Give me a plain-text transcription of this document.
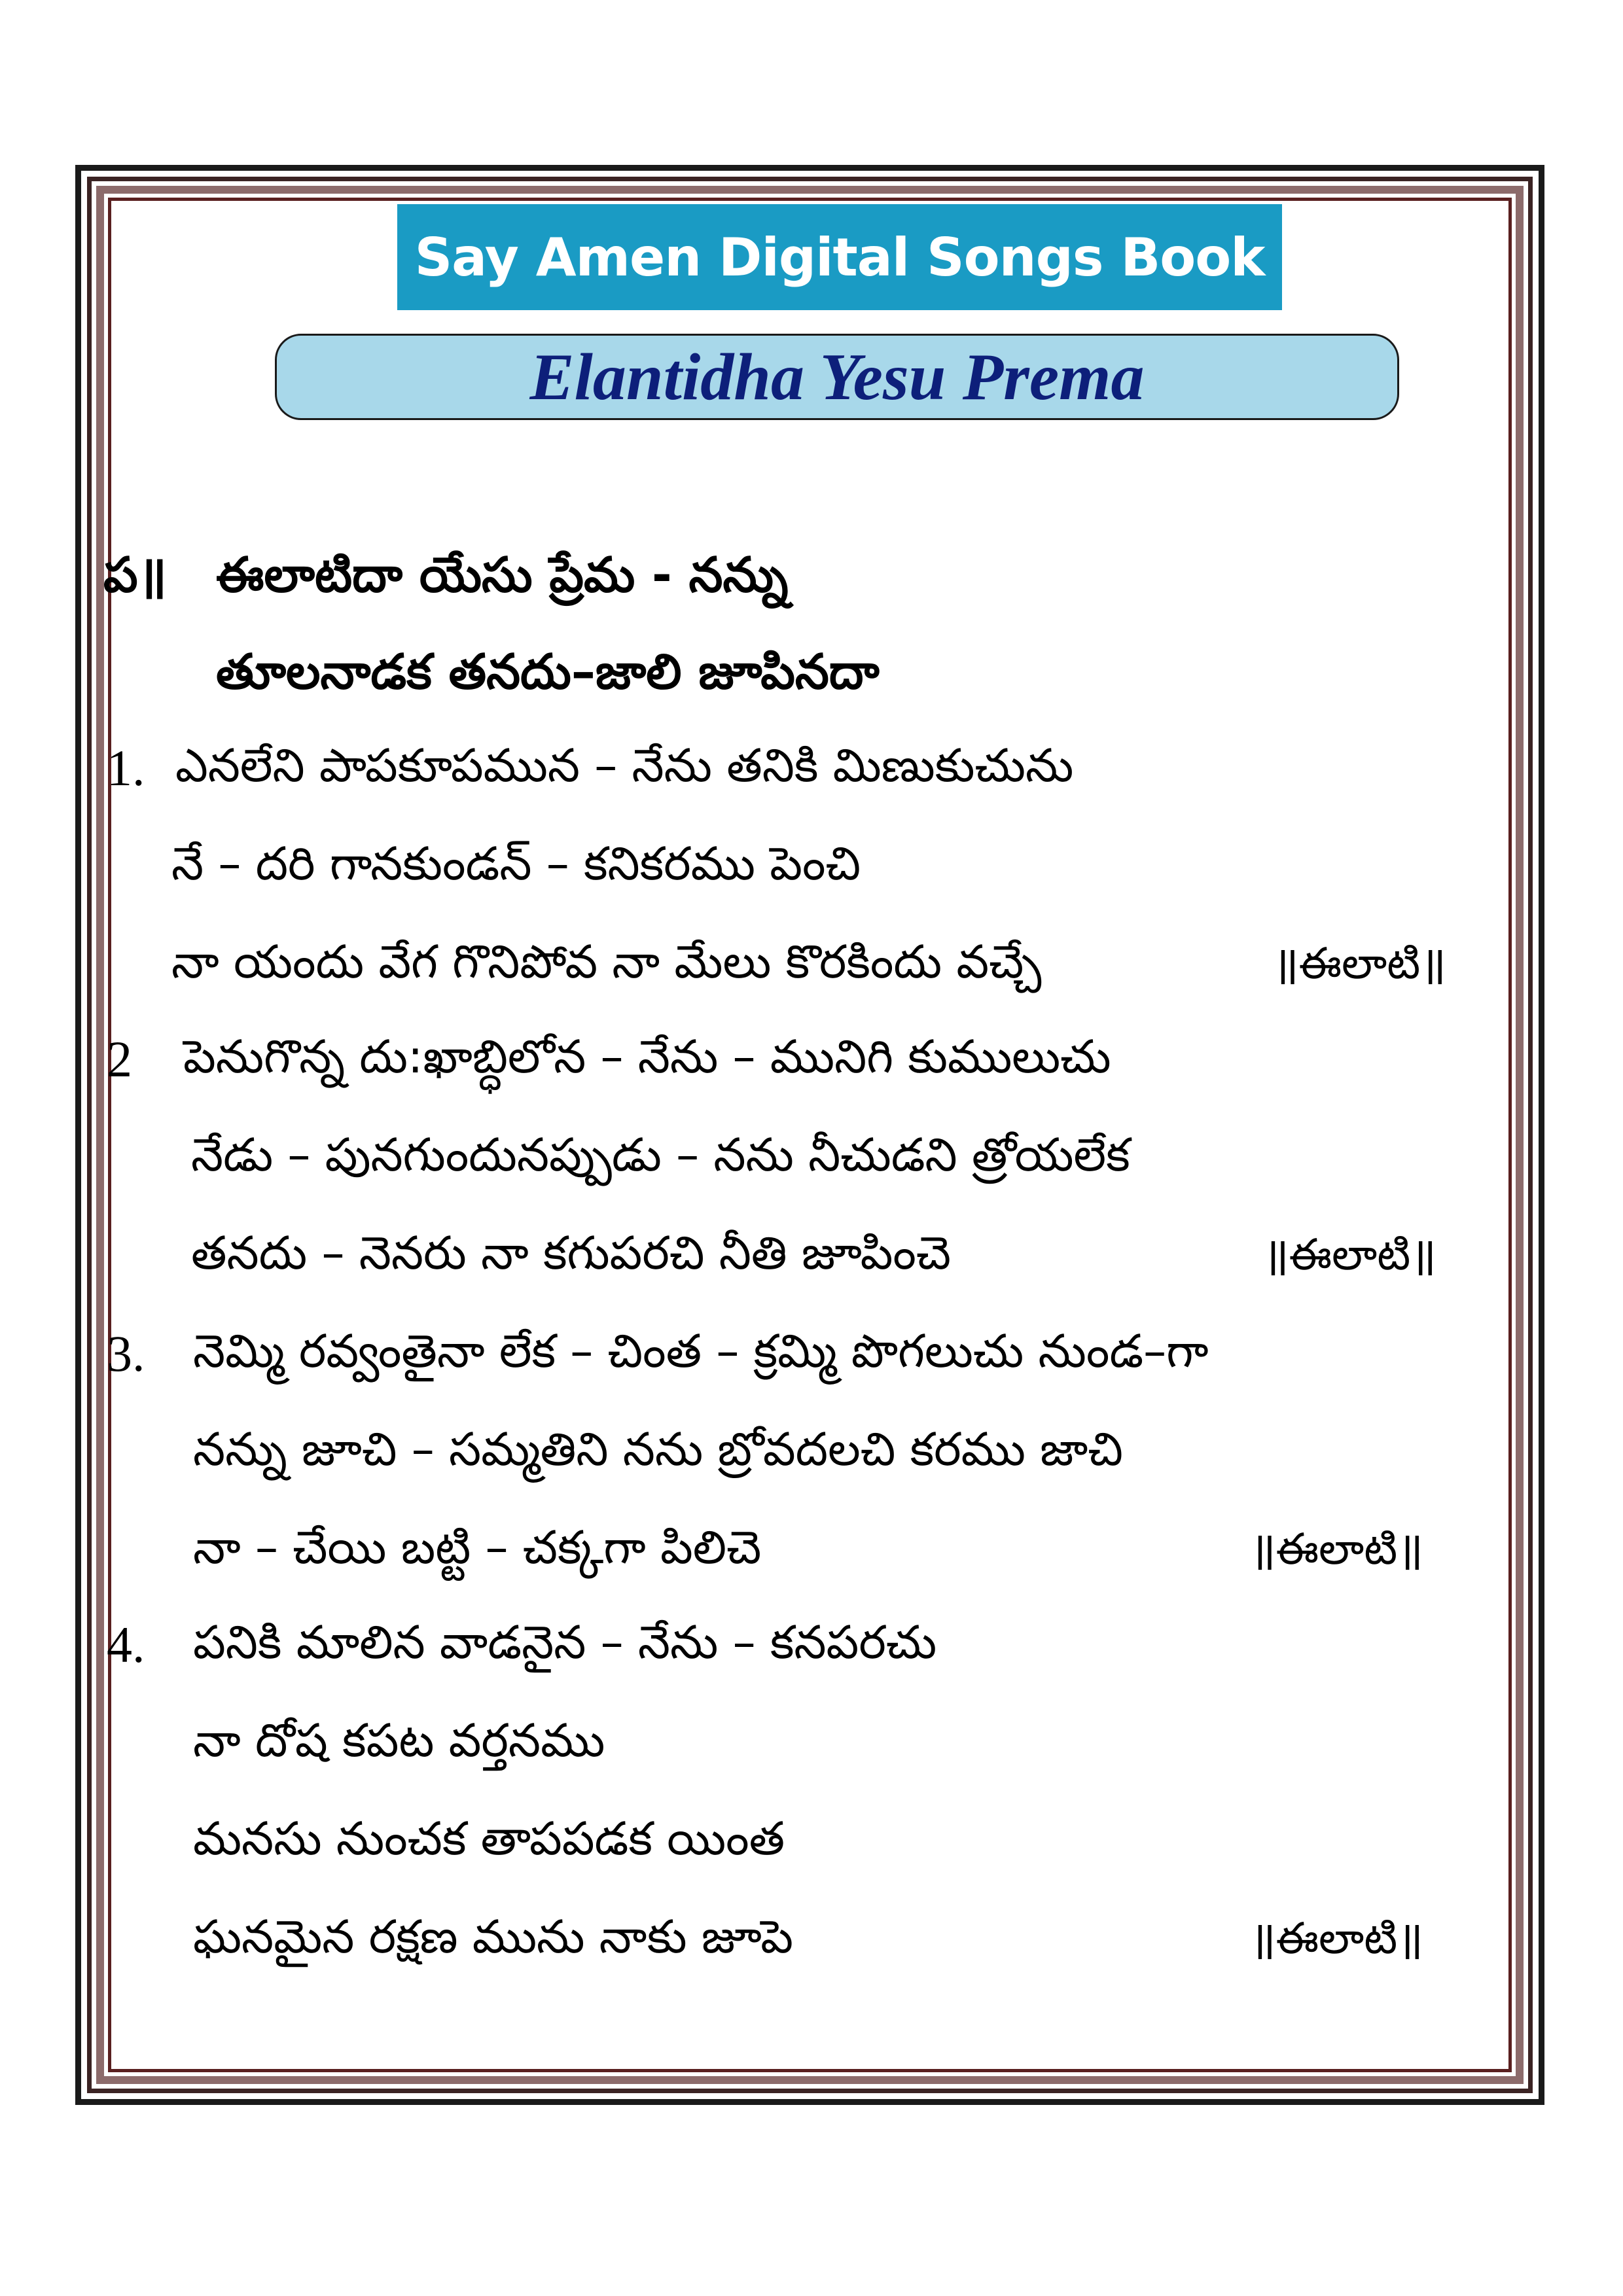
Say Amen Digital Songs Book
Elantidha Yesu Prema
ప॥ ఈలాటిదా యేసు ప్రేమ - నన్ను
తూలనాడక తనదు–జాలి జూపినదా
1. ఎనలేని పాపకూపమున – నేను తనికి మిణుకుచును
నే – దరి గానకుండన్ – కనికరము పెంచి
నా యందు వేగ గొనిపోవ నా మేలు కొరకిందు వచ్చే	॥ఈలాటి॥
2 పెనుగొన్న దు:ఖాబ్ధిలోన – నేను – మునిగి కుములుచు
నేడు – పునగుందునప్పుడు – నను నీచుడని త్రోయలేక
తనదు – నెనరు నా కగుపరచి నీతి జూపించె	॥ఈలాటి॥
3. నెమ్మి రవ్వంతైనా లేక – చింత – క్రమ్మి పొగలుచు నుండ–గా
నన్ను జూచి – సమ్మతిని నను బ్రోవదలచి కరము జాచి
నా – చేయి బట్టి – చక్కగా పిలిచె	॥ఈలాటి॥
4. పనికి మాలిన వాడనైన – నేను – కనపరచు
నా దోష కపట వర్తనము
మనసు నుంచక తాపపడక యింత
ఘనమైన రక్షణ మును నాకు జూపె	॥ఈలాటి॥
